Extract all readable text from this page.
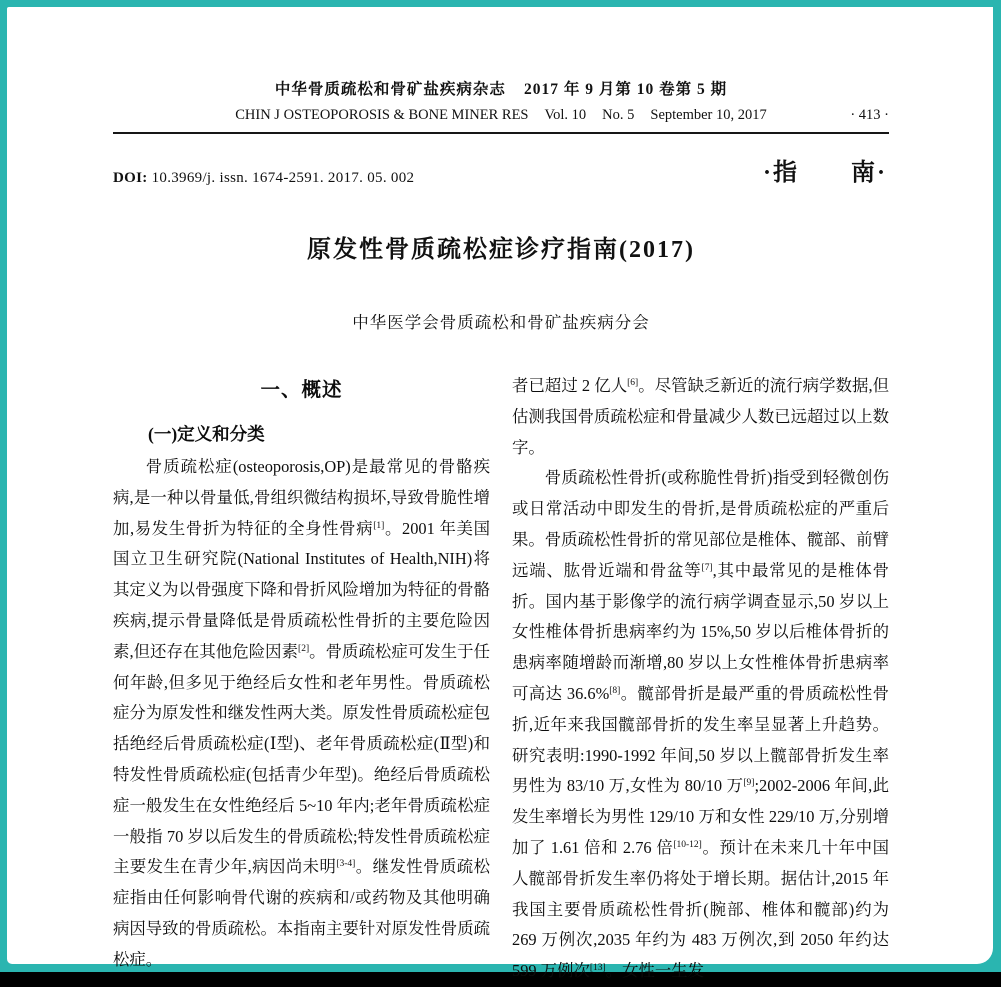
中华骨质疏松和骨矿盐疾病杂志 2017 年 9 月第 10 卷第 5 期
CHIN J OSTEOPOROSIS & BONE MINER RES Vol. 10 No. 5 September 10, 2017	· 413 ·
DOI: 10.3969/j. issn. 1674-2591. 2017. 05. 002	·指　　南·
原发性骨质疏松症诊疗指南(2017)
中华医学会骨质疏松和骨矿盐疾病分会
一、概述
(一)定义和分类

骨质疏松症(osteoporosis,OP)是最常见的骨骼疾病,是一种以骨量低,骨组织微结构损坏,导致骨脆性增加,易发生骨折为特征的全身性骨病[1]。2001 年美国国立卫生研究院(National Institutes of Health,NIH)将其定义为以骨强度下降和骨折风险增加为特征的骨骼疾病,提示骨量降低是骨质疏松性骨折的主要危险因素,但还存在其他危险因素[2]。骨质疏松症可发生于任何年龄,但多见于绝经后女性和老年男性。骨质疏松症分为原发性和继发性两大类。原发性骨质疏松症包括绝经后骨质疏松症(Ⅰ型)、老年骨质疏松症(Ⅱ型)和特发性骨质疏松症(包括青少年型)。绝经后骨质疏松症一般发生在女性绝经后 5~10 年内;老年骨质疏松症一般指 70 岁以后发生的骨质疏松;特发性骨质疏松症主要发生在青少年,病因尚未明[3-4]。继发性骨质疏松症指由任何影响骨代谢的疾病和/或药物及其他明确病因导致的骨质疏松。本指南主要针对原发性骨质疏松症。

者已超过 2 亿人[6]。尽管缺乏新近的流行病学数据,但估测我国骨质疏松症和骨量减少人数已远超过以上数字。

骨质疏松性骨折(或称脆性骨折)指受到轻微创伤或日常活动中即发生的骨折,是骨质疏松症的严重后果。骨质疏松性骨折的常见部位是椎体、髋部、前臂远端、肱骨近端和骨盆等[7],其中最常见的是椎体骨折。国内基于影像学的流行病学调查显示,50 岁以上女性椎体骨折患病率约为 15%,50 岁以后椎体骨折的患病率随增龄而渐增,80 岁以上女性椎体骨折患病率可高达 36.6%[8]。髋部骨折是最严重的骨质疏松性骨折,近年来我国髋部骨折的发生率呈显著上升趋势。研究表明:1990-1992 年间,50 岁以上髋部骨折发生率男性为 83/10 万,女性为 80/10 万[9];2002-2006 年间,此发生率增长为男性 129/10 万和女性 229/10 万,分别增加了 1.61 倍和 2.76 倍[10-12]。预计在未来几十年中国人髋部骨折发生率仍将处于增长期。据估计,2015 年我国主要骨质疏松性骨折(腕部、椎体和髋部)约为 269 万例次,2035 年约为 483 万例次,到 2050 年约达 599 万例次[13]。女性一生发
